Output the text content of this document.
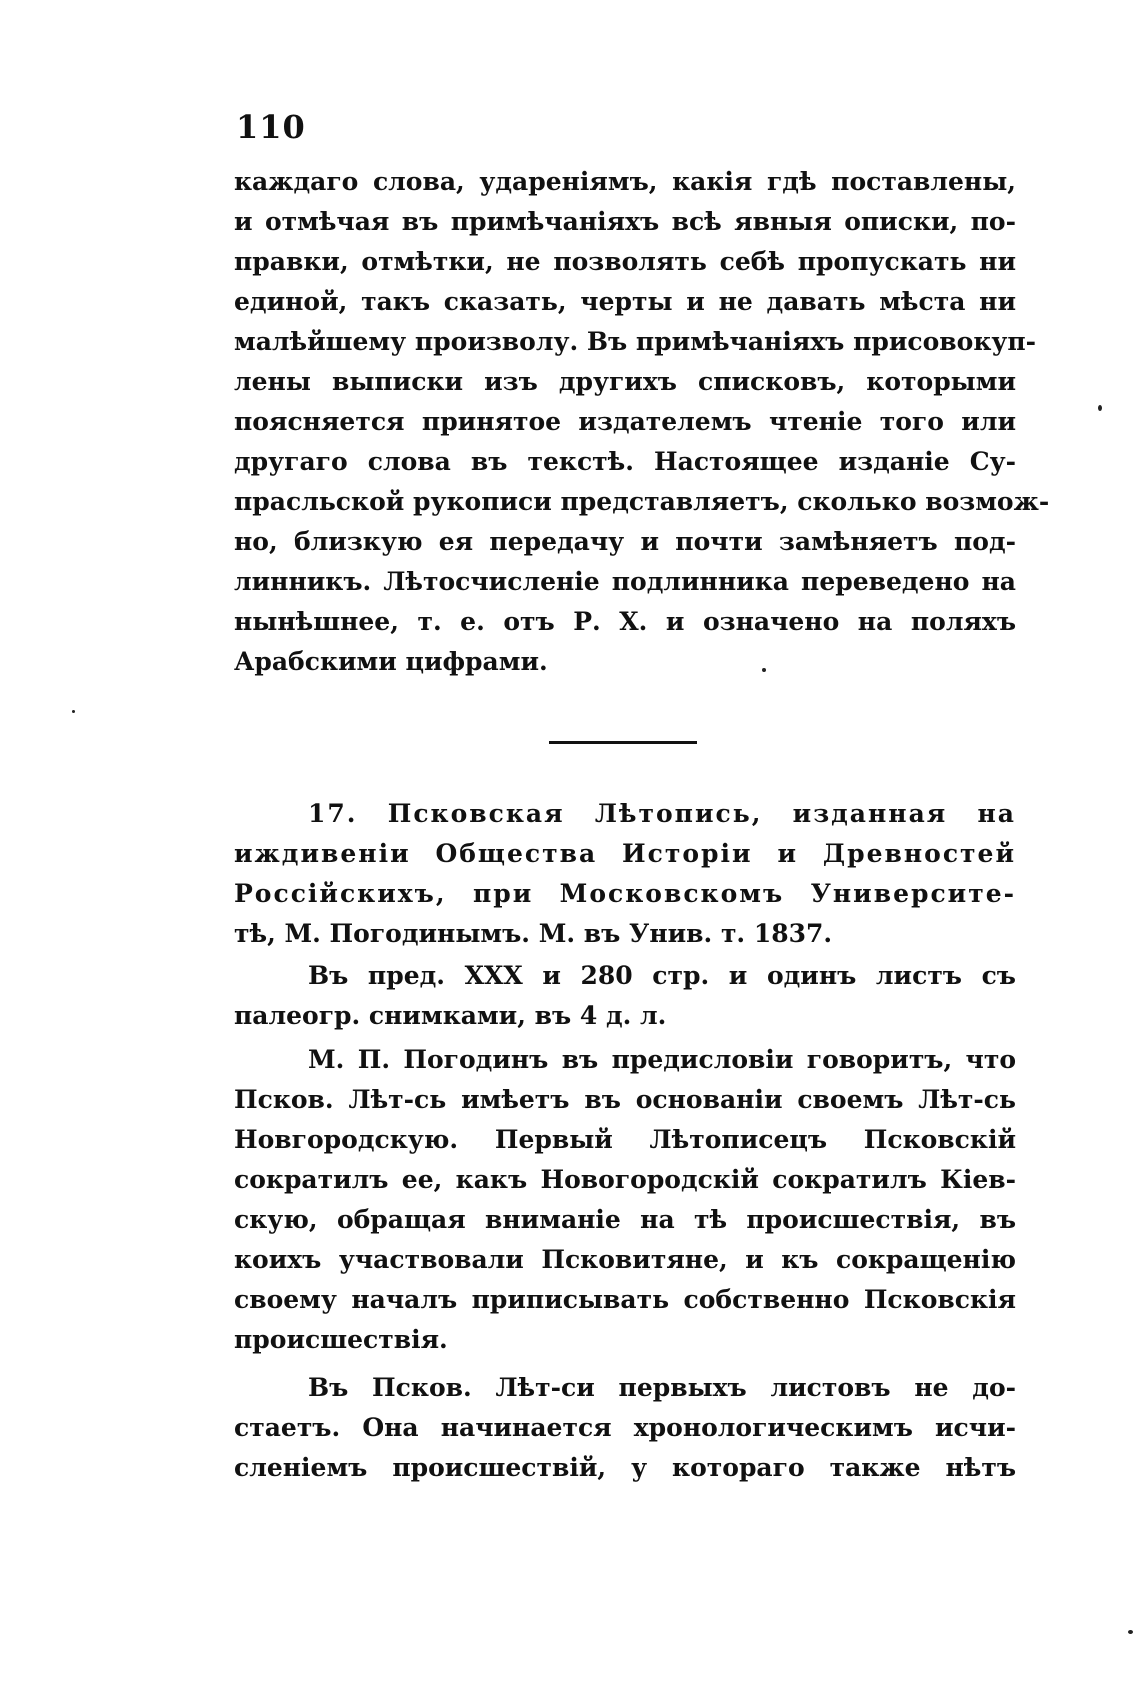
110
каждаго слова, удареніямъ, какія гдѣ поставлены,
и отмѣчая въ примѣчаніяхъ всѣ явныя описки, по-
правки, отмѣтки, не позволять себѣ пропускать ни
единой, такъ сказать, черты и не давать мѣста ни
малѣйшему произволу. Въ примѣчаніяхъ присовокуп-
лены выписки изъ другихъ списковъ, которыми
поясняется принятое издателемъ чтеніе того или
другаго слова въ текстѣ. Настоящее изданіе Су-
прасльской рукописи представляетъ, сколько возмож-
но, близкую ея передачу и почти замѣняетъ под-
линникъ. Лѣтосчисленіе подлинника переведено на
нынѣшнее, т. е. отъ Р. Х. и означено на поляхъ
Арабскими цифрами.
17. Псковская Лѣтопись, изданная на
иждивеніи Общества Исторіи и Древностей
Россійскихъ, при Московскомъ Университе-
тѣ, М. Погодинымъ. М. въ Унив. т. 1837.
Въ пред. XXX и 280 стр. и одинъ листъ съ
палеогр. снимками, въ 4 д. л.
М. П. Погодинъ въ предисловіи говоритъ, что
Псков. Лѣт-сь имѣетъ въ основаніи своемъ Лѣт-сь
Новгородскую. Первый Лѣтописецъ Псковскій
сократилъ ее, какъ Новогородскій сократилъ Кіев-
скую, обращая вниманіе на тѣ происшествія, въ
коихъ участвовали Псковитяне, и къ сокращенію
своему началъ приписывать собственно Псковскія
происшествія.
Въ Псков. Лѣт-си первыхъ листовъ не до-
стаетъ. Она начинается хронологическимъ исчи-
сленіемъ происшествій, у котораго также нѣтъ
